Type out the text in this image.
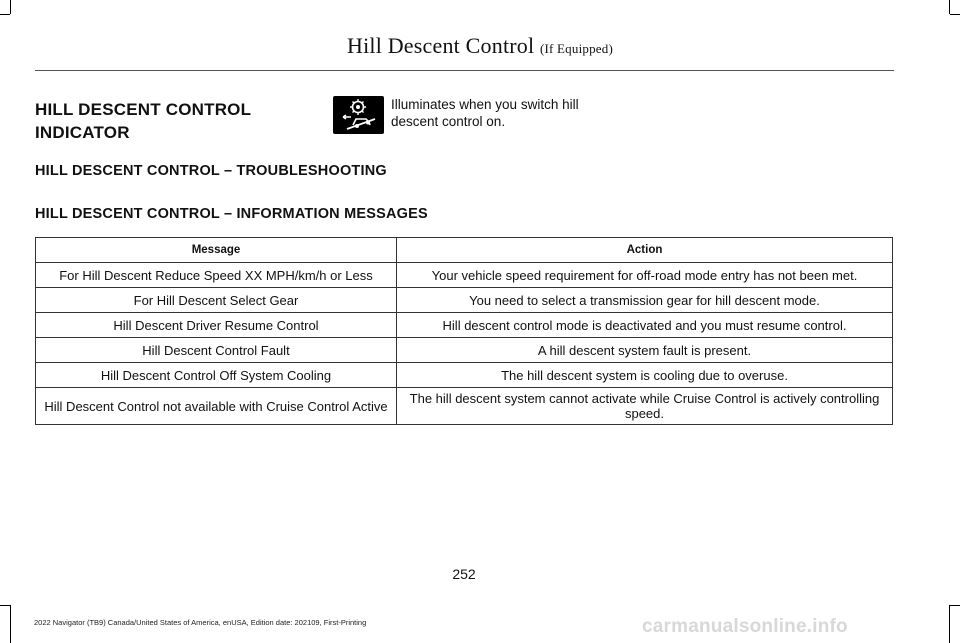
Hill Descent Control (If Equipped)
HILL DESCENT CONTROL
INDICATOR
Illuminates when you switch hill descent control on.
HILL DESCENT CONTROL – TROUBLESHOOTING
HILL DESCENT CONTROL – INFORMATION MESSAGES
Message	Action
For Hill Descent Reduce Speed XX MPH/km/h or Less	Your vehicle speed requirement for off-road mode entry has not been met.
For Hill Descent Select Gear	You need to select a transmission gear for hill descent mode.
Hill Descent Driver Resume Control	Hill descent control mode is deactivated and you must resume control.
Hill Descent Control Fault	A hill descent system fault is present.
Hill Descent Control Off System Cooling	The hill descent system is cooling due to overuse.
Hill Descent Control not available with Cruise Control Active	The hill descent system cannot activate while Cruise Control is actively controlling speed.
252
2022 Navigator (TB9) Canada/United States of America, enUSA, Edition date: 202109, First-Printing	carmanualsonline.info
